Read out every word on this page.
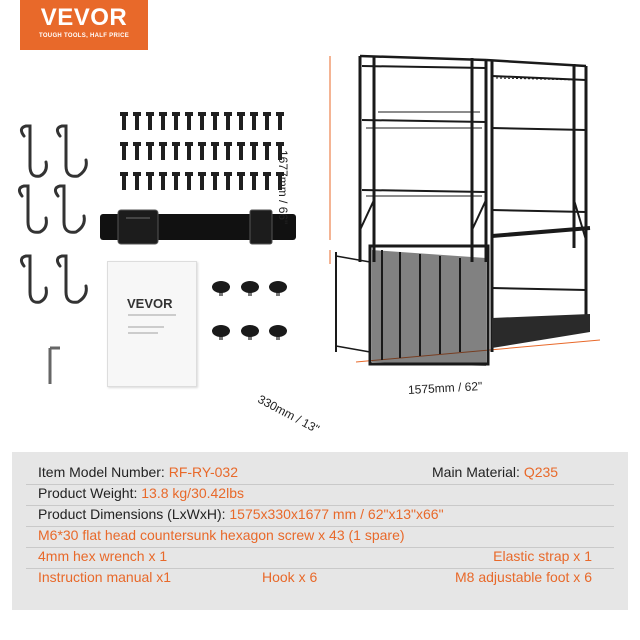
VEVOR
TOUGH TOOLS, HALF PRICE
1677mm / 66"
1575mm / 62"
330mm / 13"
VEVOR
Item Model Number: RF-RY-032	Main Material: Q235
Product Weight: 13.8 kg/30.42lbs
Product Dimensions (LxWxH): 1575x330x1677 mm / 62"x13"x66"
M6*30 flat head countersunk hexagon screw x 43 (1 spare)
4mm hex wrench x 1	Elastic strap x 1
Instruction manual x1	Hook x 6	M8 adjustable foot x 6
